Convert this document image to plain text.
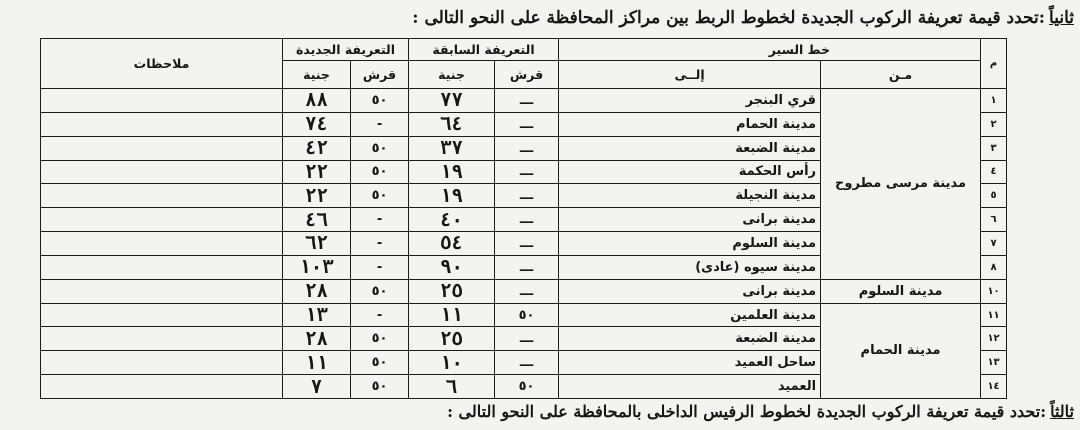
ثانياً:تحدد قيمة تعريفة الركوب الجديدة لخطوط الربط بين مراكز المحافظة على النحو التالى :
م	خط السير		التعريفة السابقة		التعريفة الجديدة		ملاحظات
	مـن	إلــى	قرش	جنية	قرش	جنية	
١	مدينة مرسى مطروح	قري البنجر	ـــ	٧٧	٥٠	٨٨	
٢		مدينة الحمام	ـــ	٦٤	-	٧٤	
٣		مدينة الضبعة	ـــ	٣٧	٥٠	٤٢	
٤		رأس الحكمة	ـــ	١٩	٥٠	٢٢	
٥		مدينة النجيلة	ـــ	١٩	٥٠	٢٢	
٦		مدينة برانى	ـــ	٤٠	-	٤٦	
٧		مدينة السلوم	ـــ	٥٤	-	٦٢	
٨		مدينة سيوه (عادى)	ـــ	٩٠	-	١٠٣	
١٠	مدينة السلوم	مدينة برانى	ـــ	٢٥	٥٠	٢٨	
١١	مدينة الحمام	مدينة العلمين	٥٠	١١	-	١٣	
١٢		مدينة الضبعة	ـــ	٢٥	٥٠	٢٨	
١٣		ساحل العميد	ـــ	١٠	٥٠	١١	
١٤		العميد	٥٠	٦	٥٠	٧	
ثالثاً:تحدد قيمة تعريفة الركوب الجديدة لخطوط الرفيس الداخلى بالمحافظة على النحو التالى :
